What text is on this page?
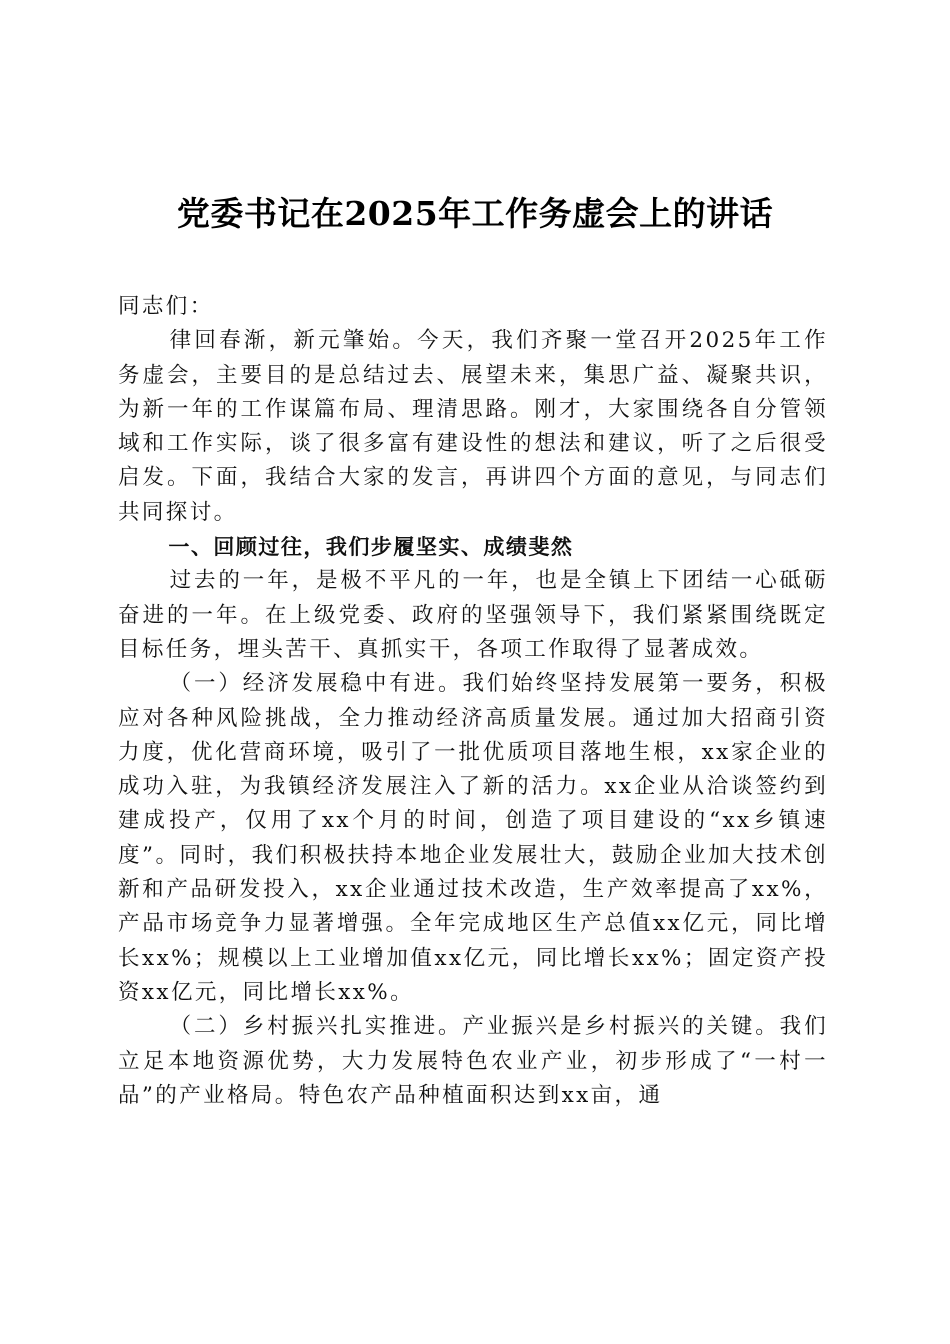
党委书记在2025年工作务虚会上的讲话

同志们：

律回春渐，新元肇始。今天，我们齐聚一堂召开2025年工作务虚会，主要目的是总结过去、展望未来，集思广益、凝聚共识，为新一年的工作谋篇布局、理清思路。刚才，大家围绕各自分管领域和工作实际，谈了很多富有建设性的想法和建议，听了之后很受启发。下面，我结合大家的发言，再讲四个方面的意见，与同志们共同探讨。

一、回顾过往，我们步履坚实、成绩斐然

过去的一年，是极不平凡的一年，也是全镇上下团结一心砥砺奋进的一年。在上级党委、政府的坚强领导下，我们紧紧围绕既定目标任务，埋头苦干、真抓实干，各项工作取得了显著成效。

（一）经济发展稳中有进。我们始终坚持发展第一要务，积极应对各种风险挑战，全力推动经济高质量发展。通过加大招商引资力度，优化营商环境，吸引了一批优质项目落地生根，xx家企业的成功入驻，为我镇经济发展注入了新的活力。xx企业从洽谈签约到建成投产，仅用了xx个月的时间，创造了项目建设的“xx乡镇速度”。同时，我们积极扶持本地企业发展壮大，鼓励企业加大技术创新和产品研发投入，xx企业通过技术改造，生产效率提高了xx%，产品市场竞争力显著增强。全年完成地区生产总值xx亿元，同比增长xx%；规模以上工业增加值xx亿元，同比增长xx%；固定资产投资xx亿元，同比增长xx%。

（二）乡村振兴扎实推进。产业振兴是乡村振兴的关键。我们立足本地资源优势，大力发展特色农业产业，初步形成了“一村一品”的产业格局。特色农产品种植面积达到xx亩，通
